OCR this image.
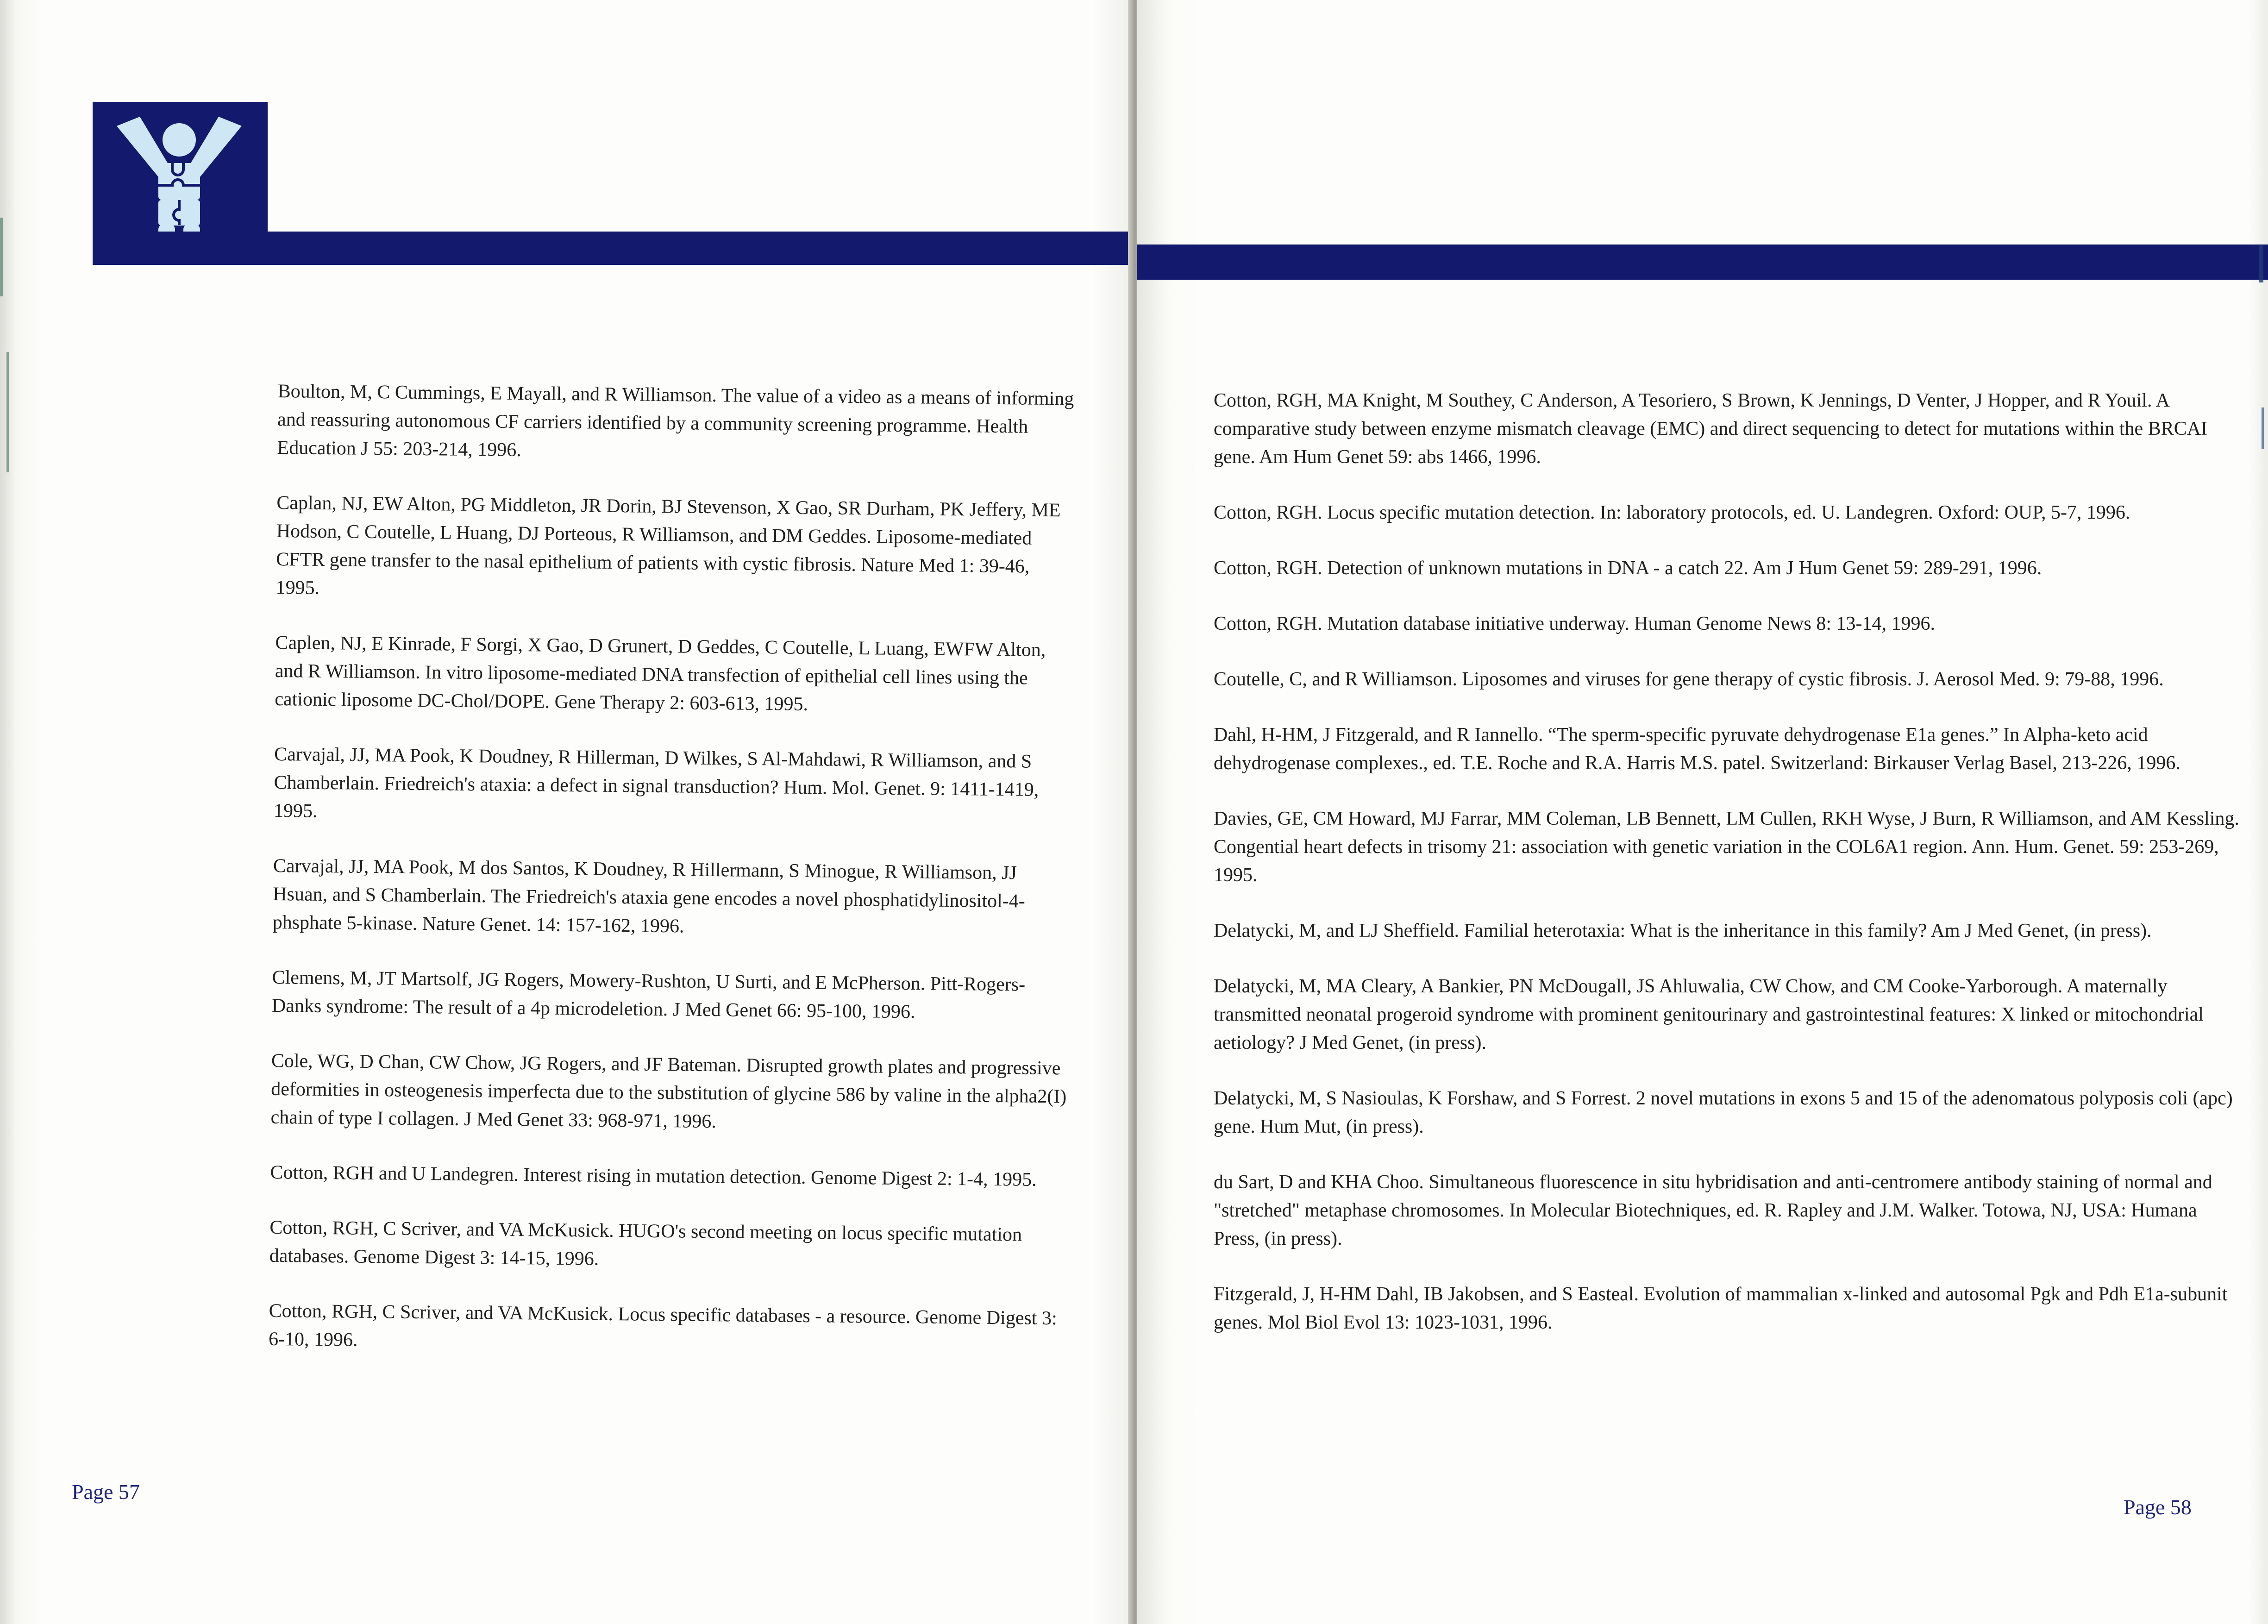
Boulton, M, C Cummings, E Mayall, and R Williamson. The value of a video as a means of informing and reassuring autonomous CF carriers identified by a community screening programme. Health Education J 55: 203-214, 1996.
Caplan, NJ, EW Alton, PG Middleton, JR Dorin, BJ Stevenson, X Gao, SR Durham, PK Jeffery, ME Hodson, C Coutelle, L Huang, DJ Porteous, R Williamson, and DM Geddes. Liposome-mediated CFTR gene transfer to the nasal epithelium of patients with cystic fibrosis. Nature Med 1: 39-46, 1995.
Caplen, NJ, E Kinrade, F Sorgi, X Gao, D Grunert, D Geddes, C Coutelle, L Luang, EWFW Alton, and R Williamson. In vitro liposome-mediated DNA transfection of epithelial cell lines using the cationic liposome DC-Chol/DOPE. Gene Therapy 2: 603-613, 1995.
Carvajal, JJ, MA Pook, K Doudney, R Hillerman, D Wilkes, S Al-Mahdawi, R Williamson, and S Chamberlain. Friedreich's ataxia: a defect in signal transduction? Hum. Mol. Genet. 9: 1411-1419, 1995.
Carvajal, JJ, MA Pook, M dos Santos, K Doudney, R Hillermann, S Minogue, R Williamson, JJ Hsuan, and S Chamberlain. The Friedreich's ataxia gene encodes a novel phosphatidylinositol-4-phsphate 5-kinase. Nature Genet. 14: 157-162, 1996.
Clemens, M, JT Martsolf, JG Rogers, Mowery-Rushton, U Surti, and E McPherson. Pitt-Rogers-Danks syndrome: The result of a 4p microdeletion. J Med Genet 66: 95-100, 1996.
Cole, WG, D Chan, CW Chow, JG Rogers, and JF Bateman. Disrupted growth plates and progressive deformities in osteogenesis imperfecta due to the substitution of glycine 586 by valine in the alpha2(I) chain of type I collagen. J Med Genet 33: 968-971, 1996.
Cotton, RGH and U Landegren. Interest rising in mutation detection. Genome Digest 2: 1-4, 1995.
Cotton, RGH, C Scriver, and VA McKusick. HUGO's second meeting on locus specific mutation databases. Genome Digest 3: 14-15, 1996.
Cotton, RGH, C Scriver, and VA McKusick. Locus specific databases - a resource. Genome Digest 3: 6-10, 1996.
Page 57
Cotton, RGH, MA Knight, M Southey, C Anderson, A Tesoriero, S Brown, K Jennings, D Venter, J Hopper, and R Youil. A comparative study between enzyme mismatch cleavage (EMC) and direct sequencing to detect for mutations within the BRCAI gene. Am Hum Genet 59: abs 1466, 1996.
Cotton, RGH. Locus specific mutation detection. In: laboratory protocols, ed. U. Landegren. Oxford: OUP, 5-7, 1996.
Cotton, RGH. Detection of unknown mutations in DNA - a catch 22. Am J Hum Genet 59: 289-291, 1996.
Cotton, RGH. Mutation database initiative underway. Human Genome News 8: 13-14, 1996.
Coutelle, C, and R Williamson. Liposomes and viruses for gene therapy of cystic fibrosis. J. Aerosol Med. 9: 79-88, 1996.
Dahl, H-HM, J Fitzgerald, and R Iannello. “The sperm-specific pyruvate dehydrogenase E1a genes.” In Alpha-keto acid dehydrogenase complexes., ed. T.E. Roche and R.A. Harris M.S. patel. Switzerland: Birkauser Verlag Basel, 213-226, 1996.
Davies, GE, CM Howard, MJ Farrar, MM Coleman, LB Bennett, LM Cullen, RKH Wyse, J Burn, R Williamson, and AM Kessling. Congential heart defects in trisomy 21: association with genetic variation in the COL6A1 region. Ann. Hum. Genet. 59: 253-269, 1995.
Delatycki, M, and LJ Sheffield. Familial heterotaxia: What is the inheritance in this family? Am J Med Genet, (in press).
Delatycki, M, MA Cleary, A Bankier, PN McDougall, JS Ahluwalia, CW Chow, and CM Cooke-Yarborough. A maternally transmitted neonatal progeroid syndrome with prominent genitourinary and gastrointestinal features: X linked or mitochondrial aetiology? J Med Genet, (in press).
Delatycki, M, S Nasioulas, K Forshaw, and S Forrest. 2 novel mutations in exons 5 and 15 of the adenomatous polyposis coli (apc) gene. Hum Mut, (in press).
du Sart, D and KHA Choo. Simultaneous fluorescence in situ hybridisation and anti-centromere antibody staining of normal and "stretched" metaphase chromosomes. In Molecular Biotechniques, ed. R. Rapley and J.M. Walker. Totowa, NJ, USA: Humana Press, (in press).
Fitzgerald, J, H-HM Dahl, IB Jakobsen, and S Easteal. Evolution of mammalian x-linked and autosomal Pgk and Pdh E1a-subunit genes. Mol Biol Evol 13: 1023-1031, 1996.
Page 58
